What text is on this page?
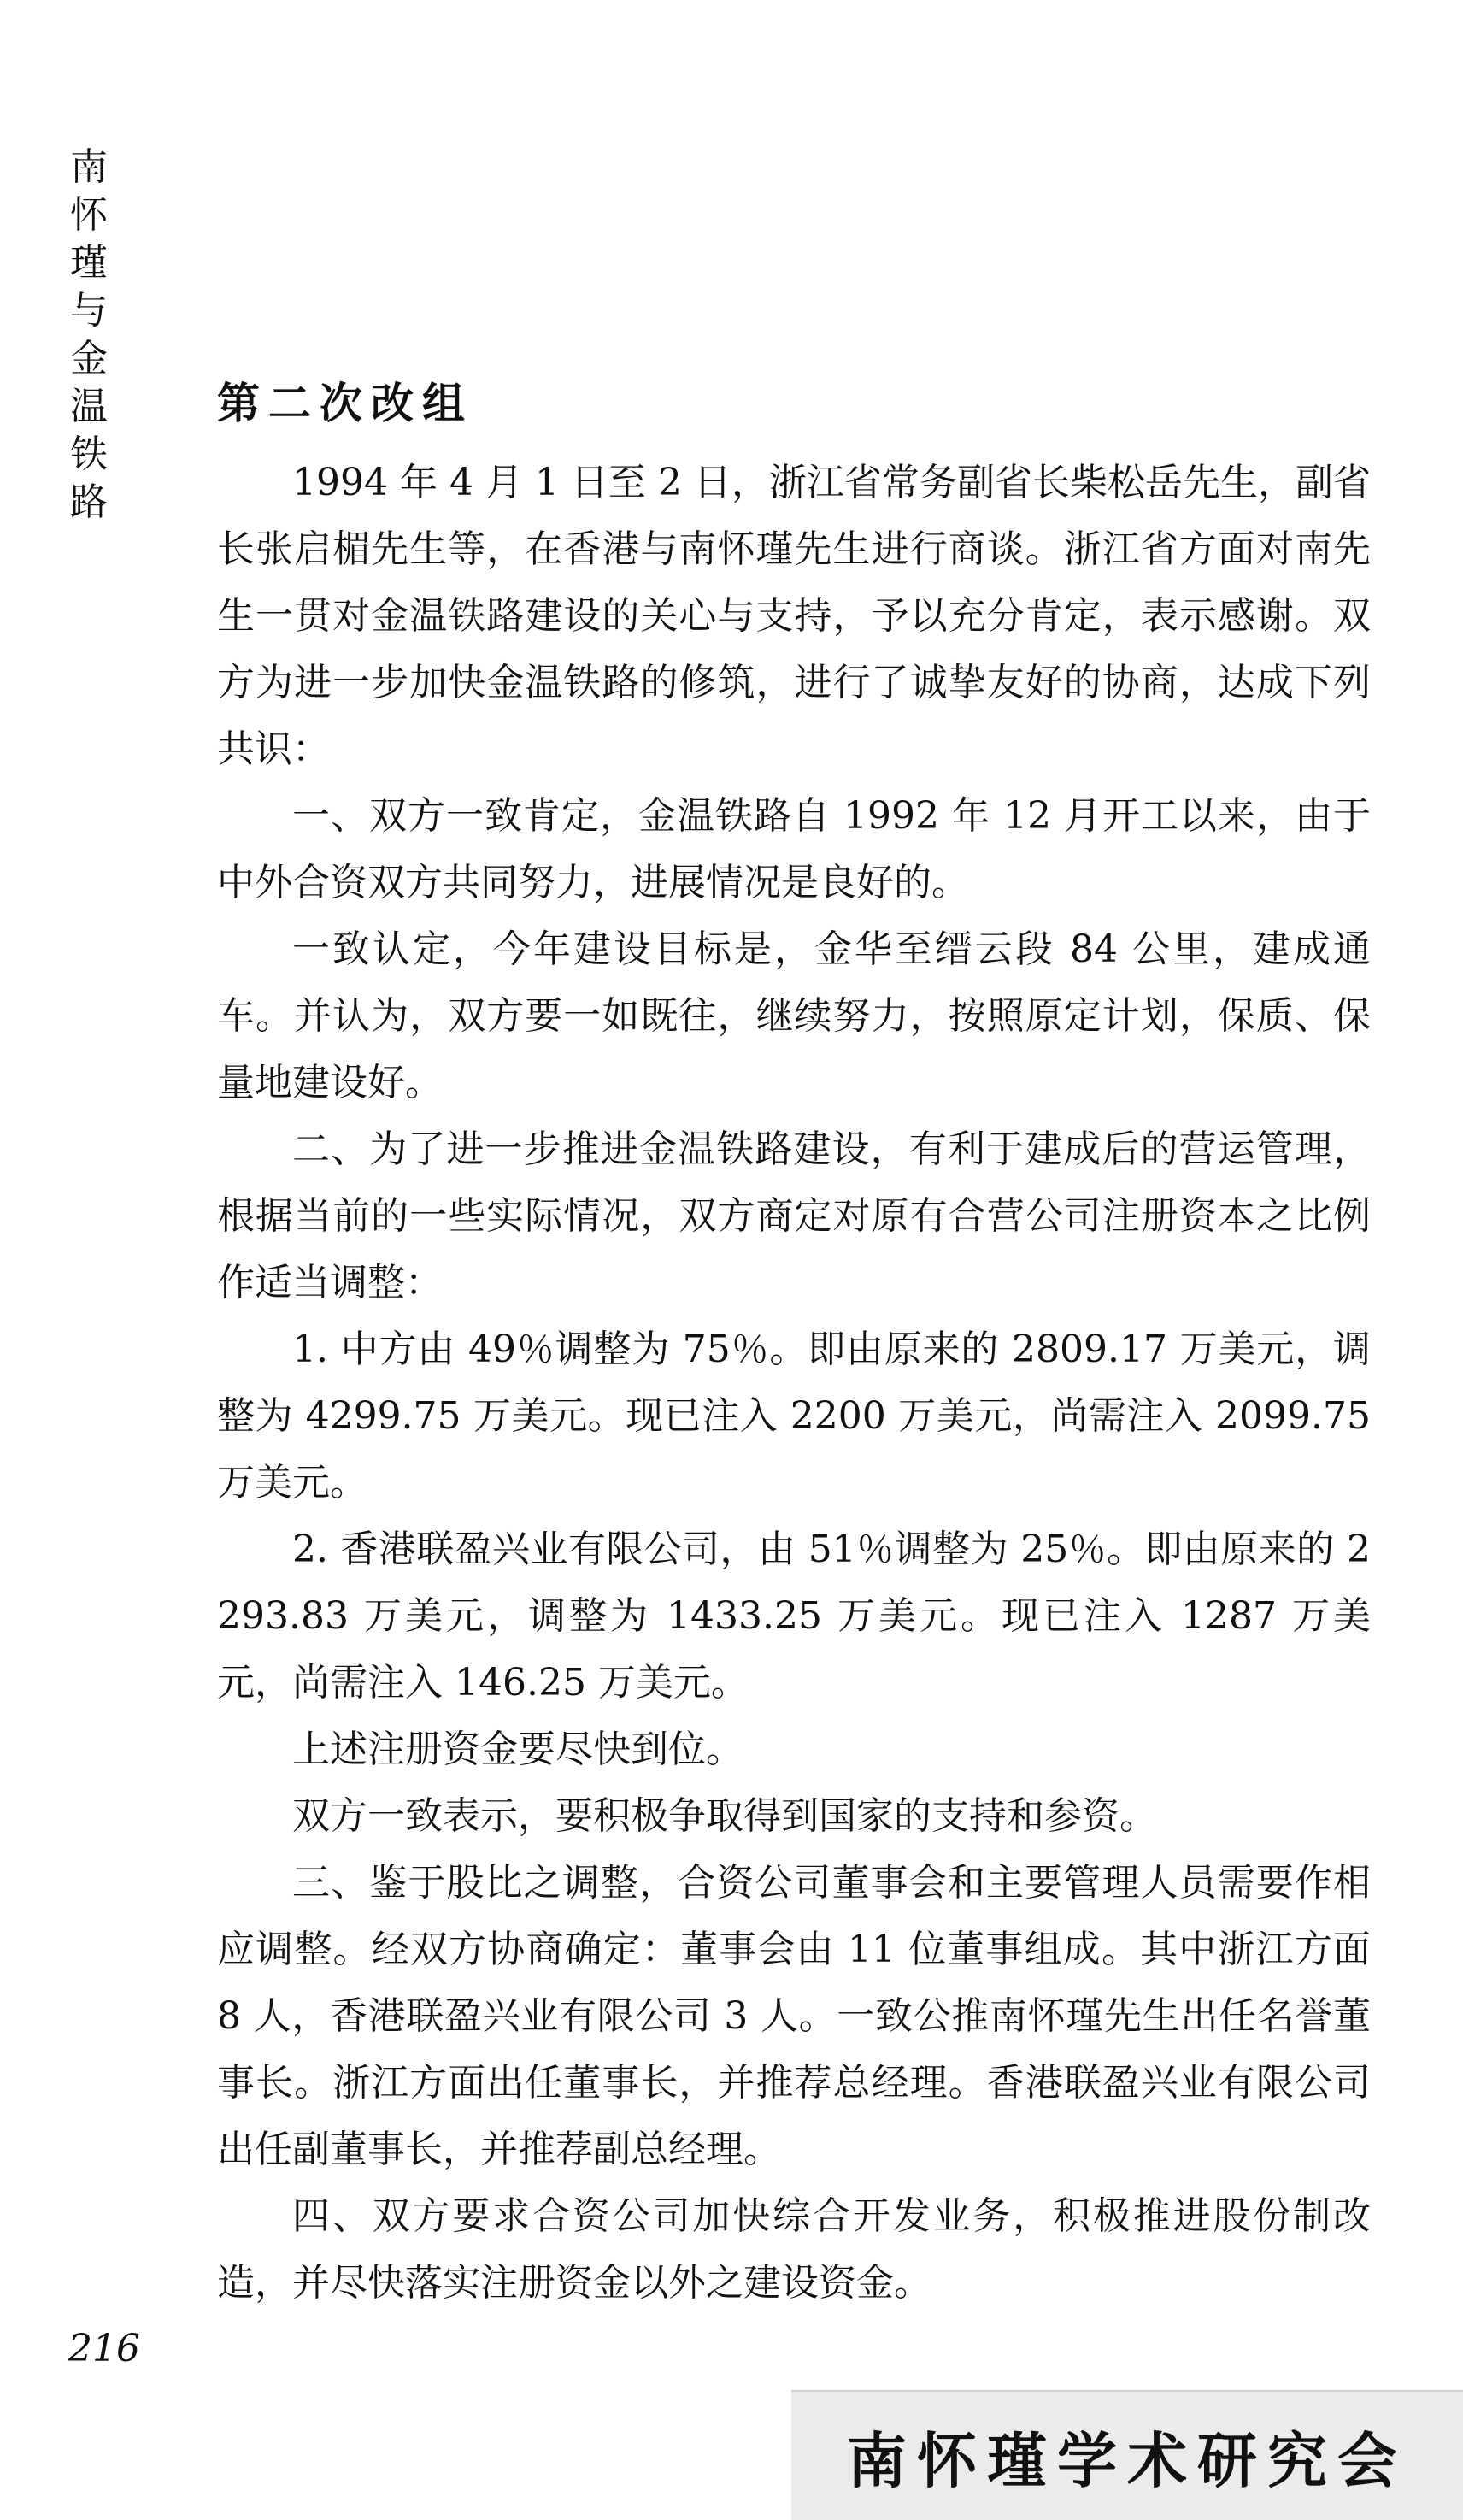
南
怀
瑾
与
金
温
铁
路
第二次改组

1994 年 4 月 1 日至 2 日，浙江省常务副省长柴松岳先生，副省长张启楣先生等，在香港与南怀瑾先生进行商谈。浙江省方面对南先生一贯对金温铁路建设的关心与支持，予以充分肯定，表示感谢。双方为进一步加快金温铁路的修筑，进行了诚挚友好的协商，达成下列共识：

一、双方一致肯定，金温铁路自 1992 年 12 月开工以来，由于中外合资双方共同努力，进展情况是良好的。

一致认定，今年建设目标是，金华至缙云段 84 公里，建成通车。并认为，双方要一如既往，继续努力，按照原定计划，保质、保量地建设好。

二、为了进一步推进金温铁路建设，有利于建成后的营运管理，根据当前的一些实际情况，双方商定对原有合营公司注册资本之比例作适当调整：

1. 中方由 49％调整为 75％。即由原来的 2809.17 万美元，调整为 4299.75 万美元。现已注入 2200 万美元，尚需注入 2099.75 万美元。

2. 香港联盈兴业有限公司，由 51％调整为 25％。即由原来的 2293.83 万美元，调整为 1433.25 万美元。现已注入 1287 万美元，尚需注入 146.25 万美元。

上述注册资金要尽快到位。

双方一致表示，要积极争取得到国家的支持和参资。

三、鉴于股比之调整，合资公司董事会和主要管理人员需要作相应调整。经双方协商确定：董事会由 11 位董事组成。其中浙江方面 8 人，香港联盈兴业有限公司 3 人。一致公推南怀瑾先生出任名誉董事长。浙江方面出任董事长，并推荐总经理。香港联盈兴业有限公司出任副董事长，并推荐副总经理。

四、双方要求合资公司加快综合开发业务，积极推进股份制改造，并尽快落实注册资金以外之建设资金。

216
南怀瑾学术研究会
